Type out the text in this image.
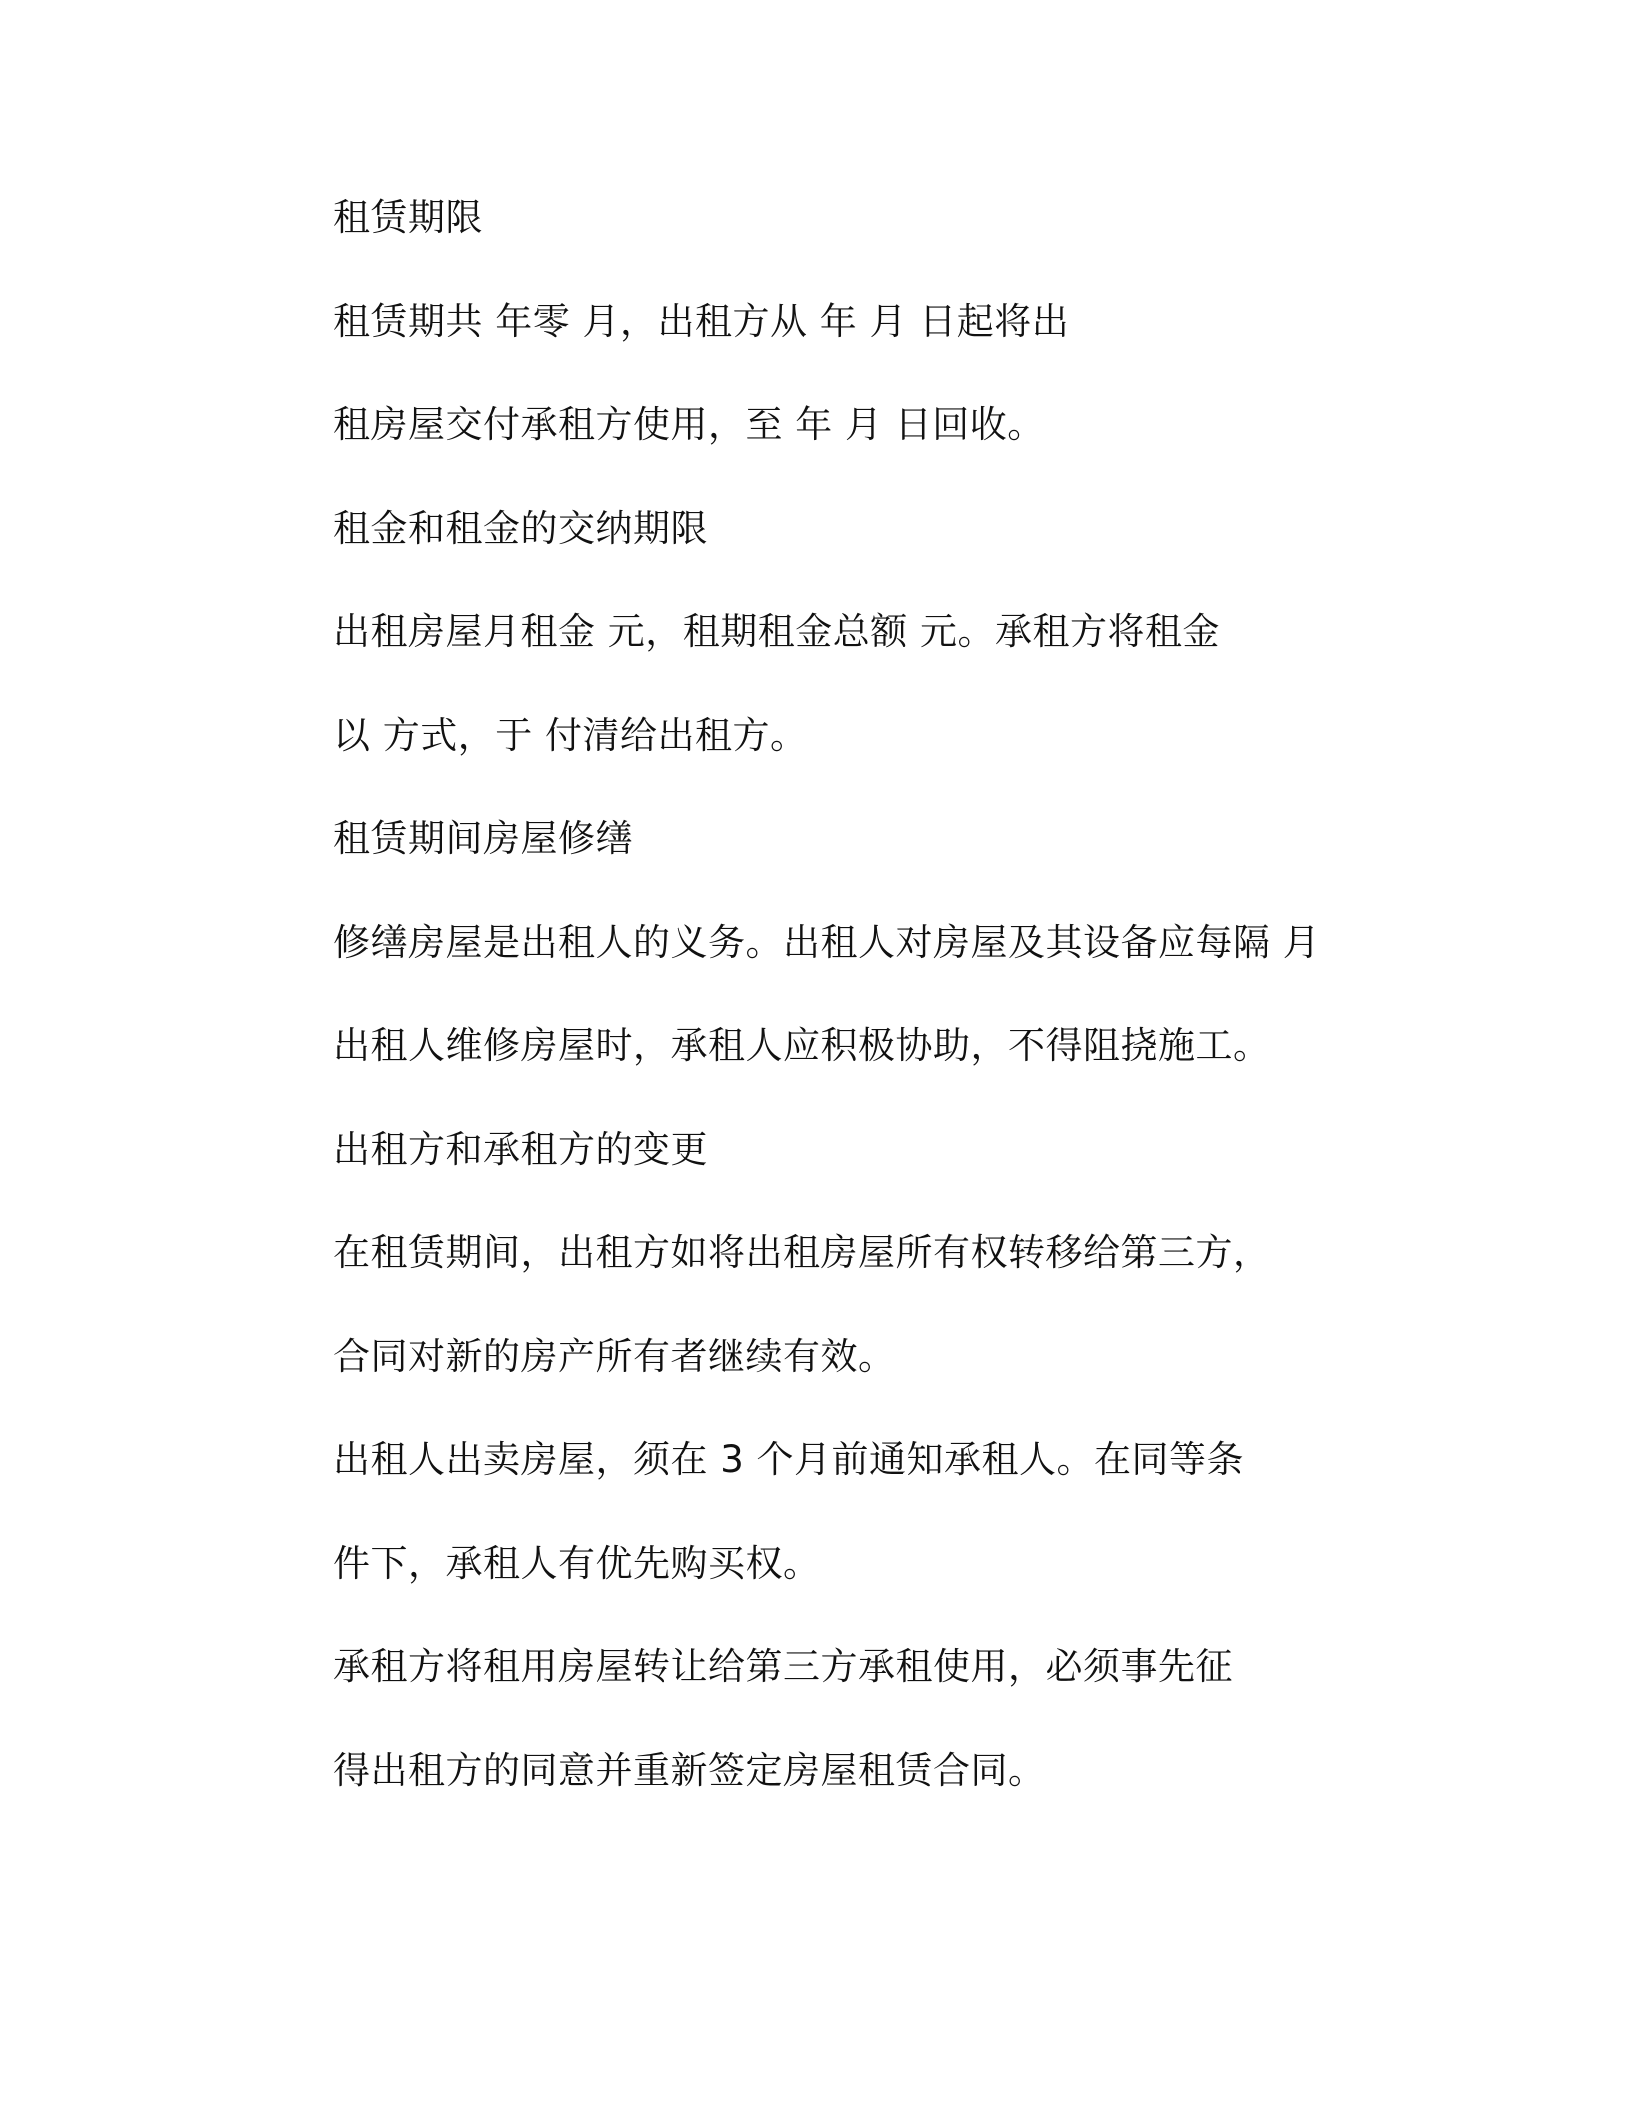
租赁期限
租赁期共 年零 月，出租方从 年 月 日起将出
租房屋交付承租方使用，至 年 月 日回收。
租金和租金的交纳期限
出租房屋月租金 元，租期租金总额 元。承租方将租金
以 方式，于 付清给出租方。
租赁期间房屋修缮
修缮房屋是出租人的义务。出租人对房屋及其设备应每隔 月
出租人维修房屋时，承租人应积极协助，不得阻挠施工。
出租方和承租方的变更
在租赁期间，出租方如将出租房屋所有权转移给第三方，
合同对新的房产所有者继续有效。
出租人出卖房屋，须在 3 个月前通知承租人。在同等条
件下，承租人有优先购买权。
承租方将租用房屋转让给第三方承租使用，必须事先征
得出租方的同意并重新签定房屋租赁合同。
